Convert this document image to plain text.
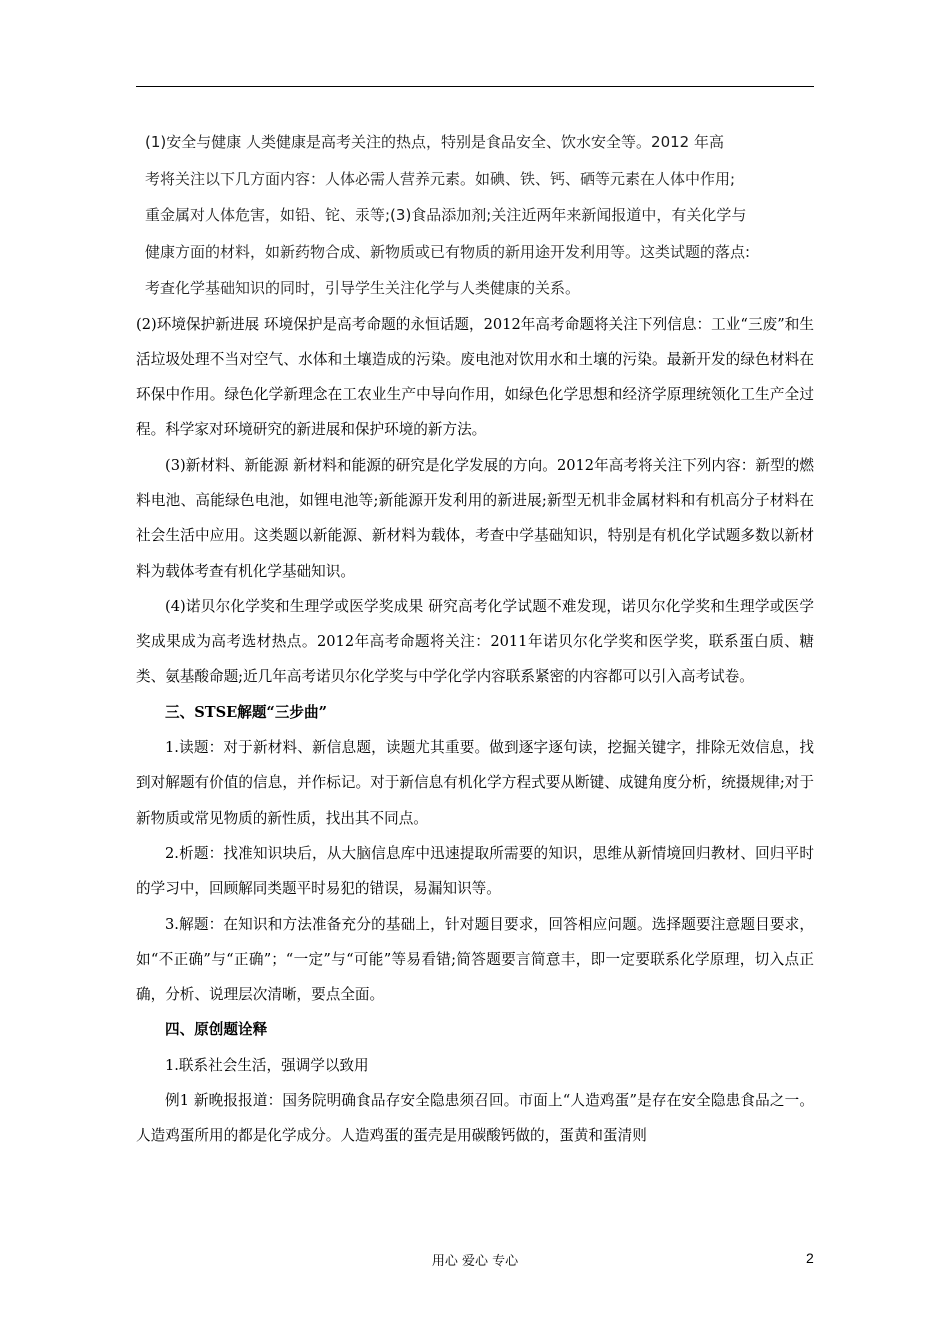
(1)安全与健康 人类健康是高考关注的热点，特别是食品安全、饮水安全等。2012 年高

考将关注以下几方面内容：人体必需人营养元素。如碘、铁、钙、硒等元素在人体中作用;

重金属对人体危害，如铅、铊、汞等;(3)食品添加剂;关注近两年来新闻报道中，有关化学与

健康方面的材料，如新药物合成、新物质或已有物质的新用途开发利用等。这类试题的落点:

考查化学基础知识的同时，引导学生关注化学与人类健康的关系。

(2)环境保护新进展 环境保护是高考命题的永恒话题，2012年高考命题将关注下列信息：工业“三废”和生活垃圾处理不当对空气、水体和土壤造成的污染。废电池对饮用水和土壤的污染。最新开发的绿色材料在环保中作用。绿色化学新理念在工农业生产中导向作用，如绿色化学思想和经济学原理统领化工生产全过程。科学家对环境研究的新进展和保护环境的新方法。

(3)新材料、新能源 新材料和能源的研究是化学发展的方向。2012年高考将关注下列内容：新型的燃料电池、高能绿色电池，如锂电池等;新能源开发利用的新进展;新型无机非金属材料和有机高分子材料在社会生活中应用。这类题以新能源、新材料为载体，考查中学基础知识，特别是有机化学试题多数以新材料为载体考查有机化学基础知识。

(4)诺贝尔化学奖和生理学或医学奖成果 研究高考化学试题不难发现，诺贝尔化学奖和生理学或医学奖成果成为高考选材热点。2012年高考命题将关注：2011年诺贝尔化学奖和医学奖，联系蛋白质、糖类、氨基酸命题;近几年高考诺贝尔化学奖与中学化学内容联系紧密的内容都可以引入高考试卷。

三、STSE解题“三步曲”

1.读题：对于新材料、新信息题，读题尤其重要。做到逐字逐句读，挖掘关键字，排除无效信息，找到对解题有价值的信息，并作标记。对于新信息有机化学方程式要从断键、成键角度分析，统摄规律;对于新物质或常见物质的新性质，找出其不同点。

2.析题：找准知识块后，从大脑信息库中迅速提取所需要的知识，思维从新情境回归教材、回归平时的学习中，回顾解同类题平时易犯的错误，易漏知识等。

3.解题：在知识和方法准备充分的基础上，针对题目要求，回答相应问题。选择题要注意题目要求，如“不正确”与“正确”；“一定”与“可能”等易看错;简答题要言简意丰，即一定要联系化学原理，切入点正确，分析、说理层次清晰，要点全面。

四、原创题诠释

1.联系社会生活，强调学以致用

例1 新晚报报道：国务院明确食品存安全隐患须召回。市面上“人造鸡蛋”是存在安全隐患食品之一。人造鸡蛋所用的都是化学成分。人造鸡蛋的蛋壳是用碳酸钙做的，蛋黄和蛋清则

用心 爱心 专心	2
